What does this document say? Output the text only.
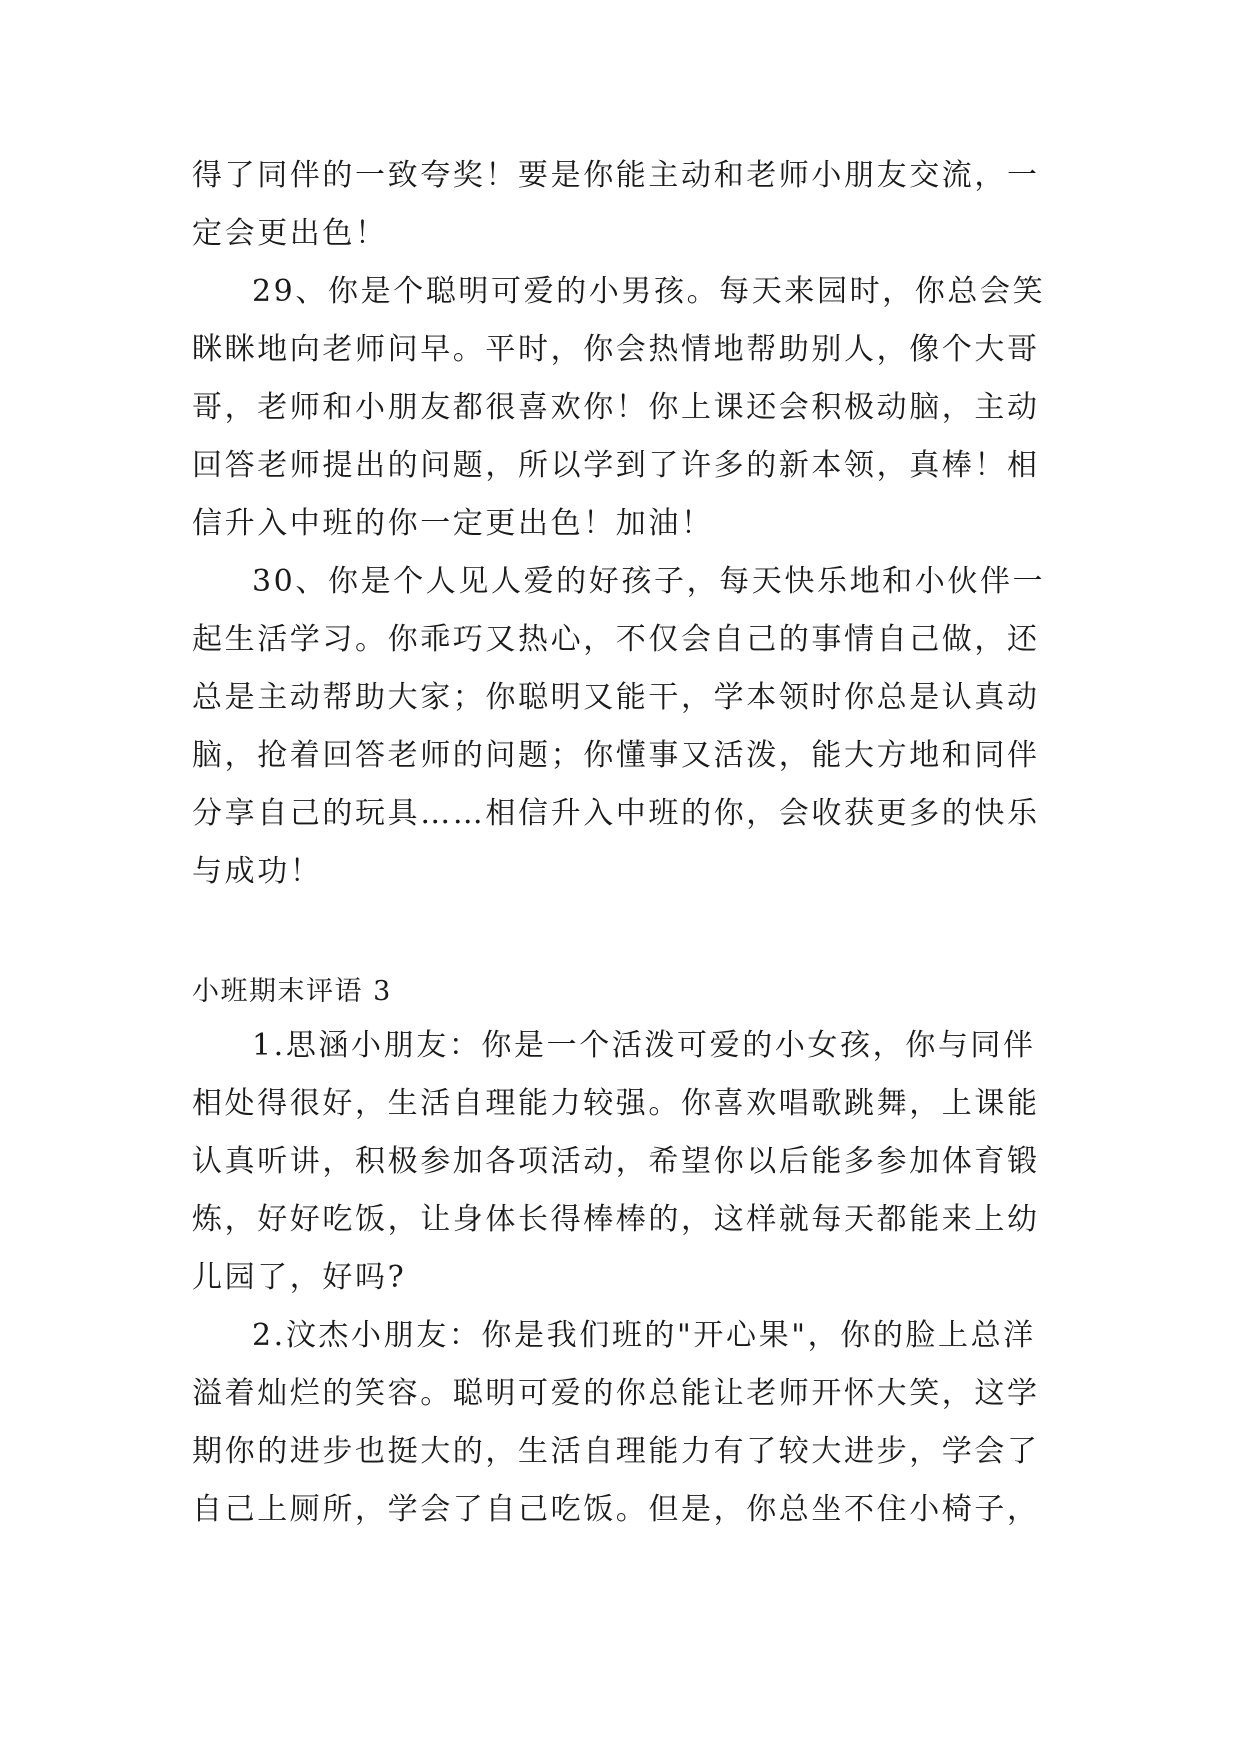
得了同伴的一致夸奖！要是你能主动和老师小朋友交流，一
定会更出色！
29、你是个聪明可爱的小男孩。每天来园时，你总会笑
眯眯地向老师问早。平时，你会热情地帮助别人，像个大哥
哥，老师和小朋友都很喜欢你！你上课还会积极动脑，主动
回答老师提出的问题，所以学到了许多的新本领，真棒！相
信升入中班的你一定更出色！加油！
30、你是个人见人爱的好孩子，每天快乐地和小伙伴一
起生活学习。你乖巧又热心，不仅会自己的事情自己做，还
总是主动帮助大家；你聪明又能干，学本领时你总是认真动
脑，抢着回答老师的问题；你懂事又活泼，能大方地和同伴
分享自己的玩具……相信升入中班的你，会收获更多的快乐
与成功！
小班期末评语 3
1.思涵小朋友：你是一个活泼可爱的小女孩，你与同伴
相处得很好，生活自理能力较强。你喜欢唱歌跳舞，上课能
认真听讲，积极参加各项活动，希望你以后能多参加体育锻
炼，好好吃饭，让身体长得棒棒的，这样就每天都能来上幼
儿园了，好吗?
2.汶杰小朋友：你是我们班的"开心果"，你的脸上总洋
溢着灿烂的笑容。聪明可爱的你总能让老师开怀大笑，这学
期你的进步也挺大的，生活自理能力有了较大进步，学会了
自己上厕所，学会了自己吃饭。但是，你总坐不住小椅子，
